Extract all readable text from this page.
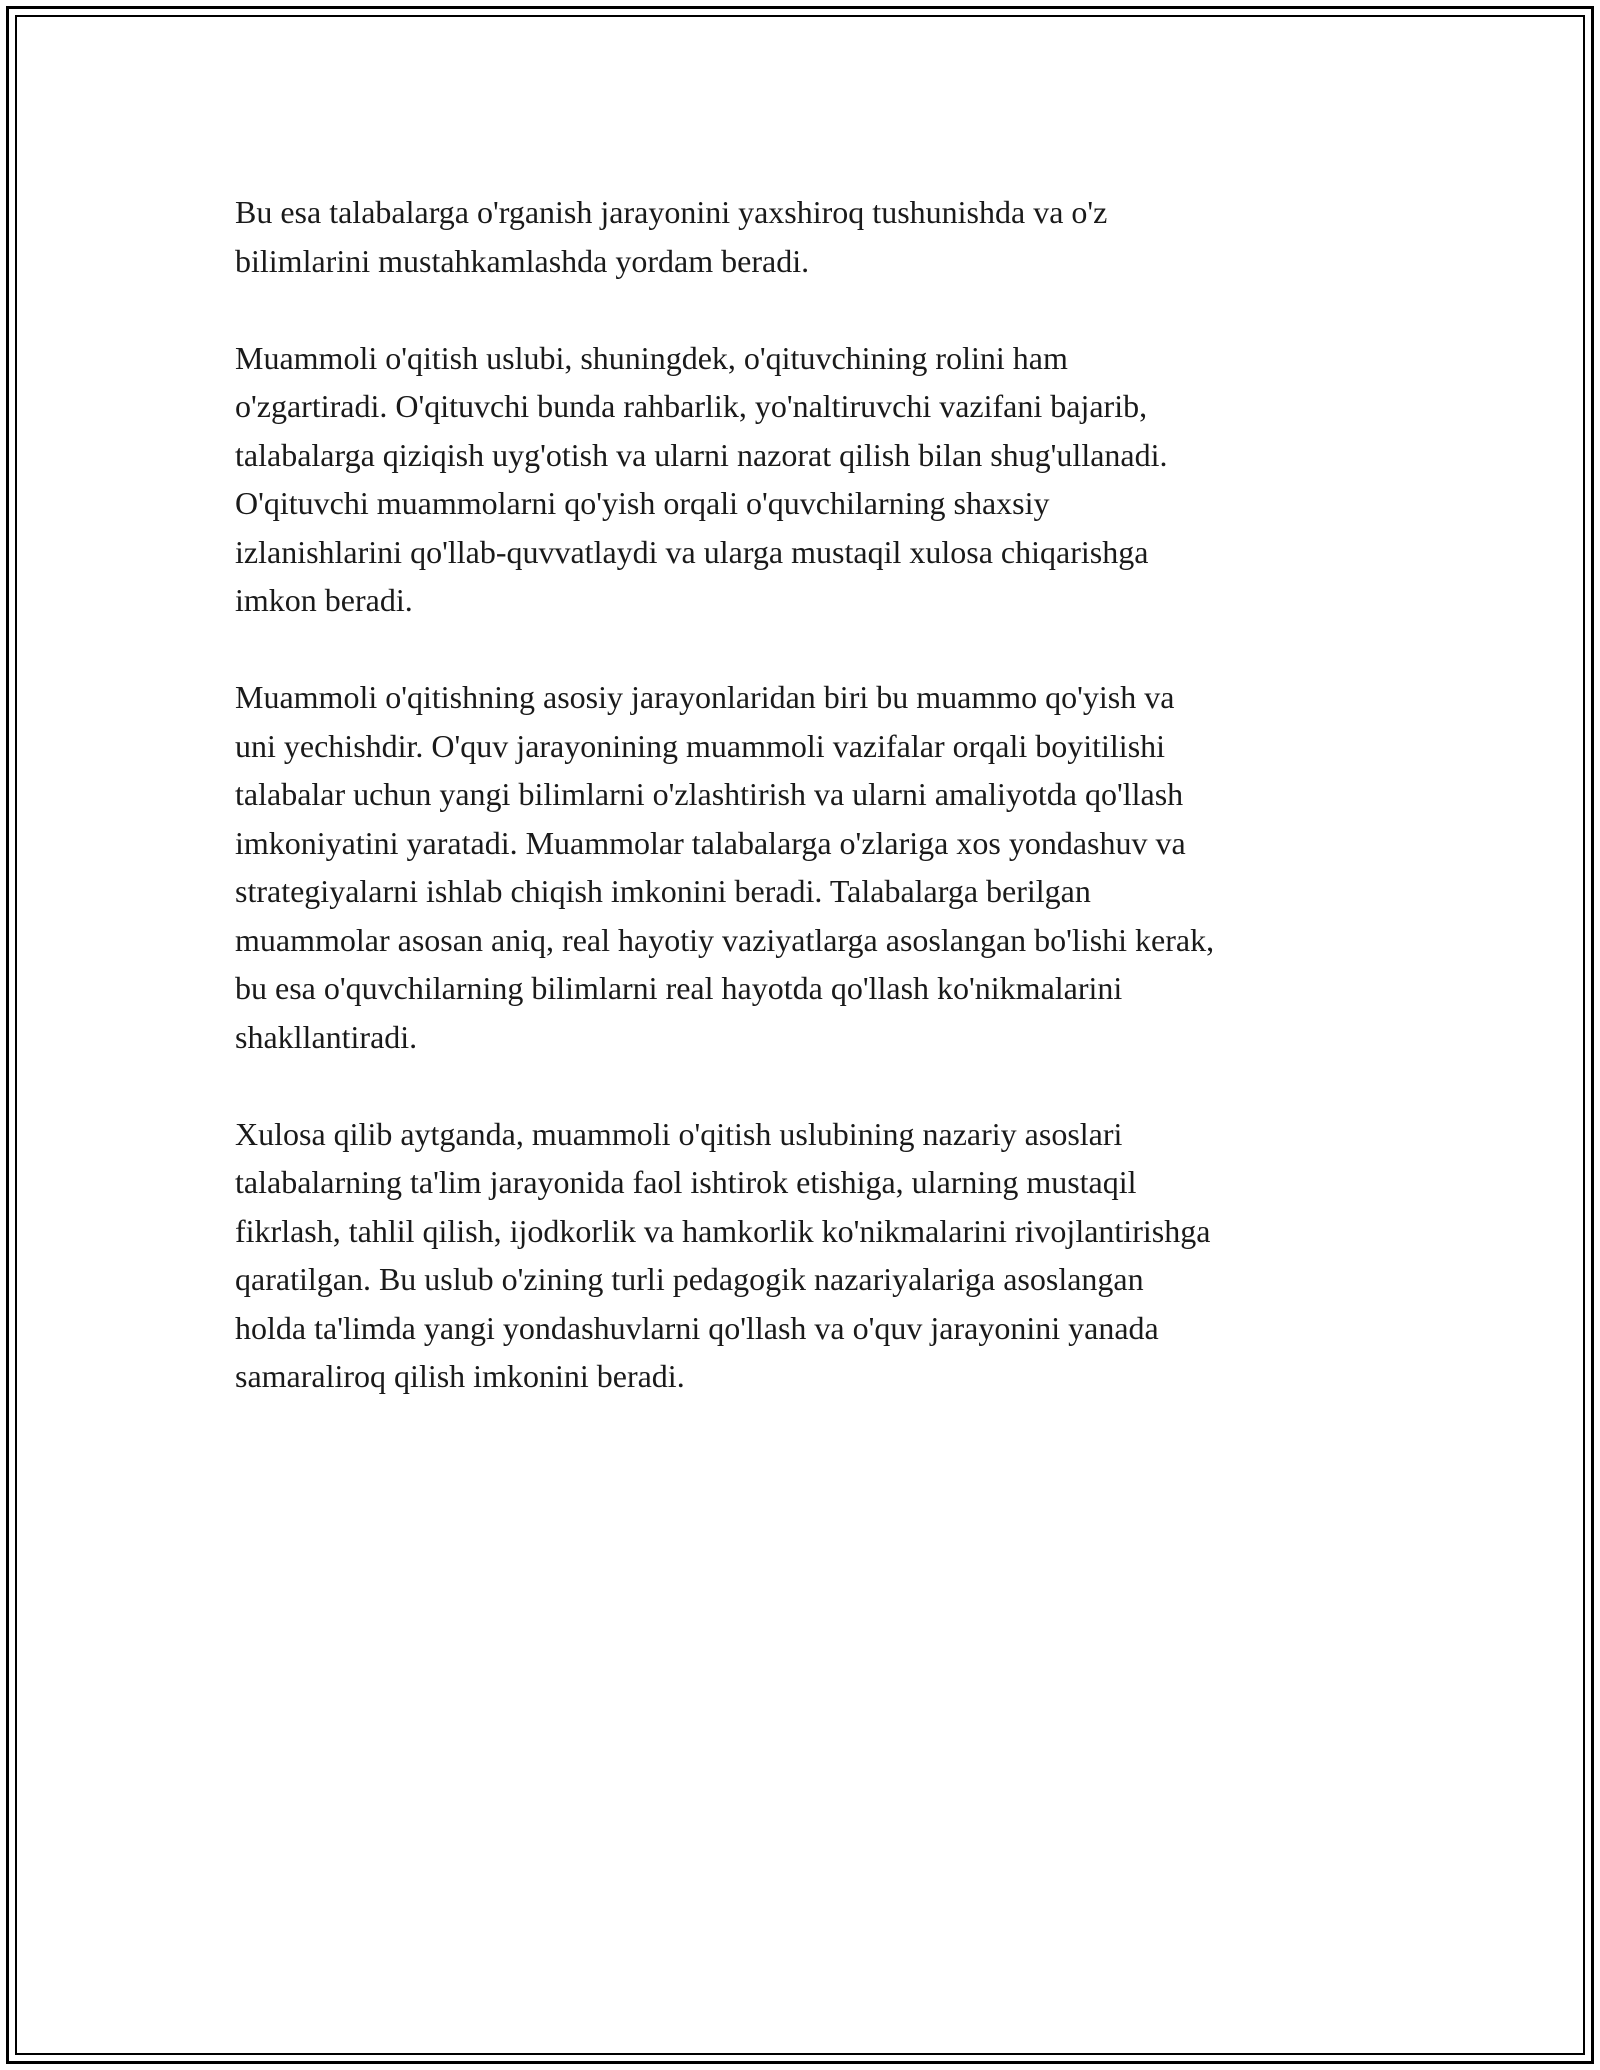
Bu esa talabalarga o'rganish jarayonini yaxshiroq tushunishda va o'z
bilimlarini mustahkamlashda yordam beradi.

Muammoli o'qitish uslubi, shuningdek, o'qituvchining rolini ham
o'zgartiradi. O'qituvchi bunda rahbarlik, yo'naltiruvchi vazifani bajarib,
talabalarga qiziqish uyg'otish va ularni nazorat qilish bilan shug'ullanadi.
O'qituvchi muammolarni qo'yish orqali o'quvchilarning shaxsiy
izlanishlarini qo'llab-quvvatlaydi va ularga mustaqil xulosa chiqarishga
imkon beradi.

Muammoli o'qitishning asosiy jarayonlaridan biri bu muammo qo'yish va
uni yechishdir. O'quv jarayonining muammoli vazifalar orqali boyitilishi
talabalar uchun yangi bilimlarni o'zlashtirish va ularni amaliyotda qo'llash
imkoniyatini yaratadi. Muammolar talabalarga o'zlariga xos yondashuv va
strategiyalarni ishlab chiqish imkonini beradi. Talabalarga berilgan
muammolar asosan aniq, real hayotiy vaziyatlarga asoslangan bo'lishi kerak,
bu esa o'quvchilarning bilimlarni real hayotda qo'llash ko'nikmalarini
shakllantiradi.

Xulosa qilib aytganda, muammoli o'qitish uslubining nazariy asoslari
talabalarning ta'lim jarayonida faol ishtirok etishiga, ularning mustaqil
fikrlash, tahlil qilish, ijodkorlik va hamkorlik ko'nikmalarini rivojlantirishga
qaratilgan. Bu uslub o'zining turli pedagogik nazariyalariga asoslangan
holda ta'limda yangi yondashuvlarni qo'llash va o'quv jarayonini yanada
samaraliroq qilish imkonini beradi.
